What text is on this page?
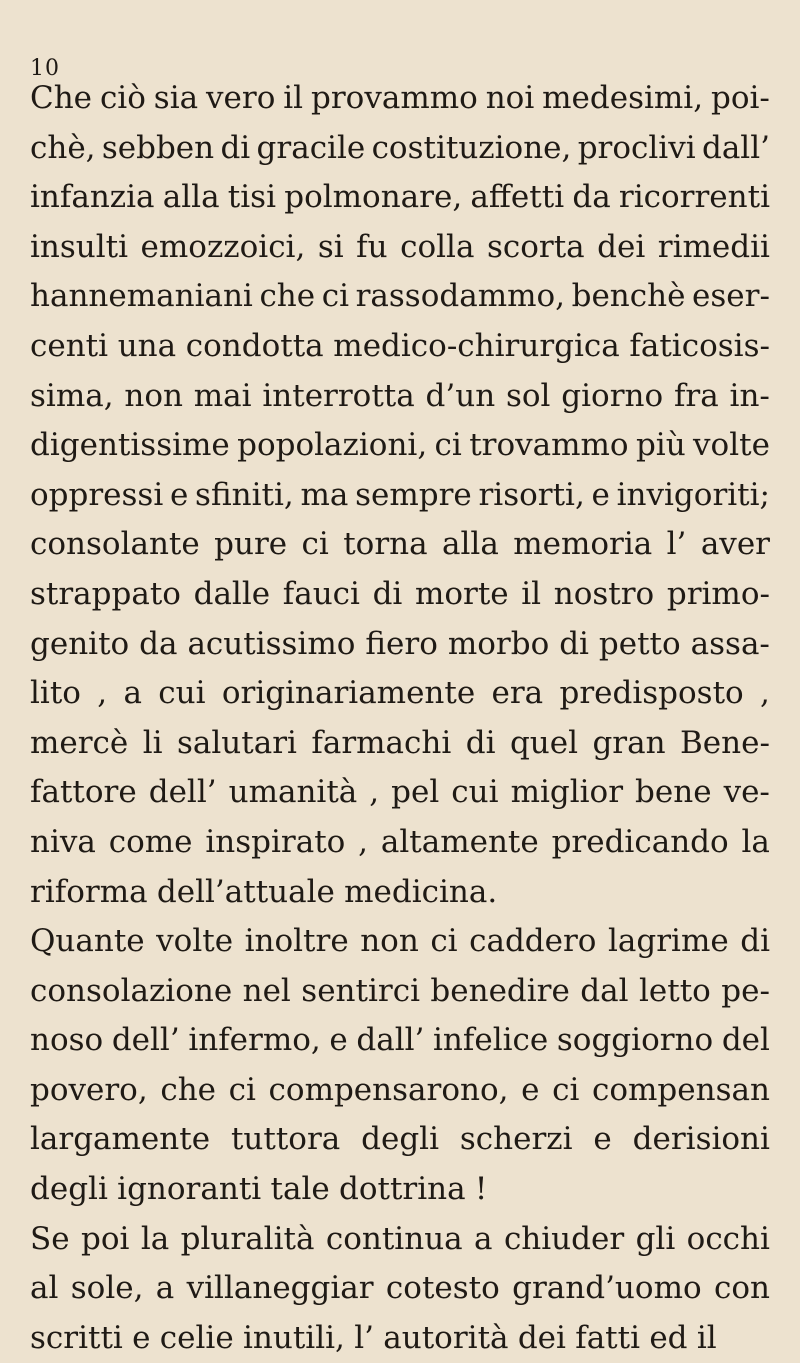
10
Che ciò sia vero il provammo noi medesimi, poi-
chè, sebben di gracile costituzione, proclivi dall’
infanzia alla tisi polmonare, affetti da ricorrenti
insulti emozzoici, si fu colla scorta dei rimedii
hannemaniani che ci rassodammo, benchè eser-
centi una condotta medico-chirurgica faticosis-
sima, non mai interrotta d’un sol giorno fra in-
digentissime popolazioni, ci trovammo più volte
oppressi e sfiniti, ma sempre risorti, e invigoriti;
consolante pure ci torna alla memoria l’ aver
strappato dalle fauci di morte il nostro primo-
genito da acutissimo fiero morbo di petto assa-
lito , a cui originariamente era predisposto ,
mercè li salutari farmachi di quel gran Bene-
fattore dell’ umanità , pel cui miglior bene ve-
niva come inspirato , altamente predicando la
riforma dell’attuale medicina.
Quante volte inoltre non ci caddero lagrime di
consolazione nel sentirci benedire dal letto pe-
noso dell’ infermo, e dall’ infelice soggiorno del
povero, che ci compensarono, e ci compensan
largamente tuttora degli scherzi e derisioni
degli ignoranti tale dottrina !
Se poi la pluralità continua a chiuder gli occhi
al sole, a villaneggiar cotesto grand’uomo con
scritti e celie inutili, l’ autorità dei fatti ed il
